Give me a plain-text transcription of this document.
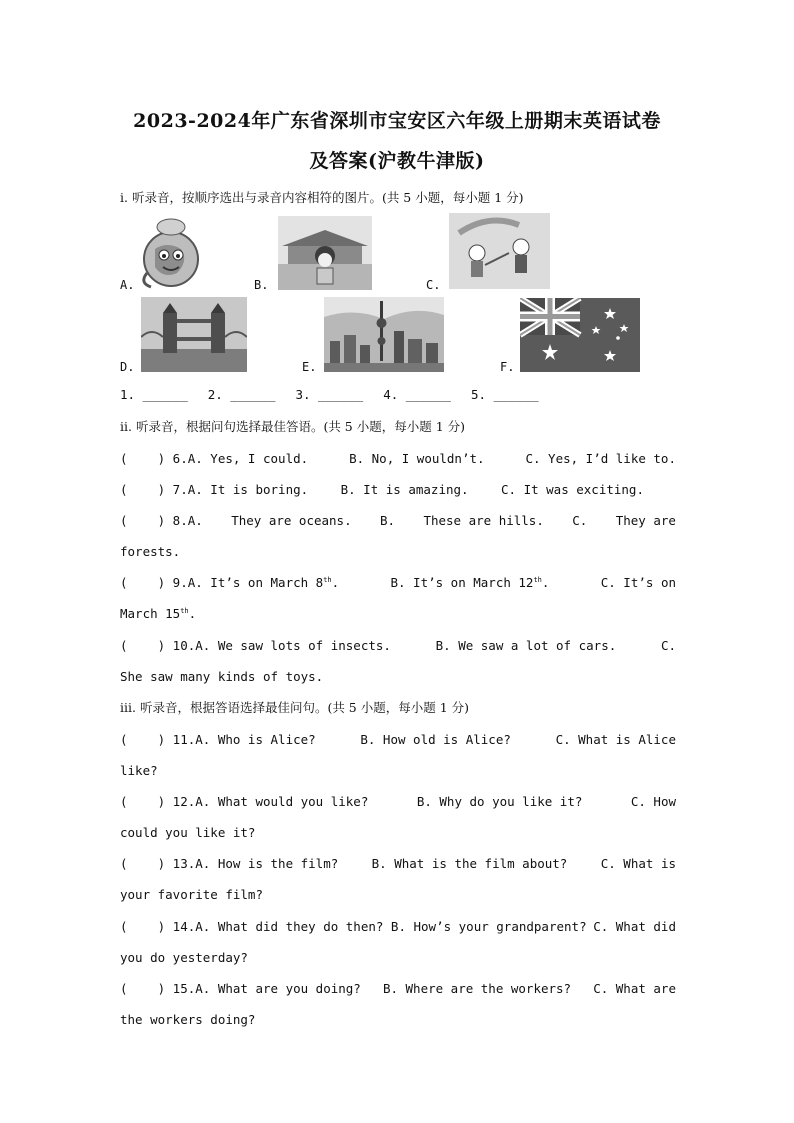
2023-2024年广东省深圳市宝安区六年级上册期末英语试卷
及答案(沪教牛津版)
i. 听录音，按顺序选出与录音内容相符的图片。(共 5 小题，每小题 1 分)
A.	B.	C.
D.	E.	F.
1. ______ 2. ______ 3. ______ 4. ______ 5. ______
ii. 听录音，根据问句选择最佳答语。(共 5 小题，每小题 1 分)
(    ) 6.A. Yes, I could.	B. No, I wouldn’t.	C. Yes, I’d like to.
(    ) 7.A. It is boring.	B. It is amazing.	C. It was exciting.
(    ) 8.A. They are oceans. B. These are hills. C. They are
forests.
(    ) 9.A. It’s on March 8th.	B. It’s on March 12th.	C. It’s on
March 15th.
(    ) 10.A. We saw lots of insects.	B. We saw a lot of cars.	C.
She saw many kinds of toys.
iii. 听录音，根据答语选择最佳问句。(共 5 小题，每小题 1 分)
(    ) 11.A. Who is Alice?	B. How old is Alice?	C. What is Alice
like?
(    ) 12.A. What would you like?	B. Why do you like it?	C. How
could you like it?
(    ) 13.A. How is the film?	B. What is the film about?	C. What is
your favorite film?
(    ) 14.A. What did they do then? B. How’s your grandparent? C. What did
you do yesterday?
(    ) 15.A. What are you doing? B. Where are the workers? C. What are
the workers doing?
